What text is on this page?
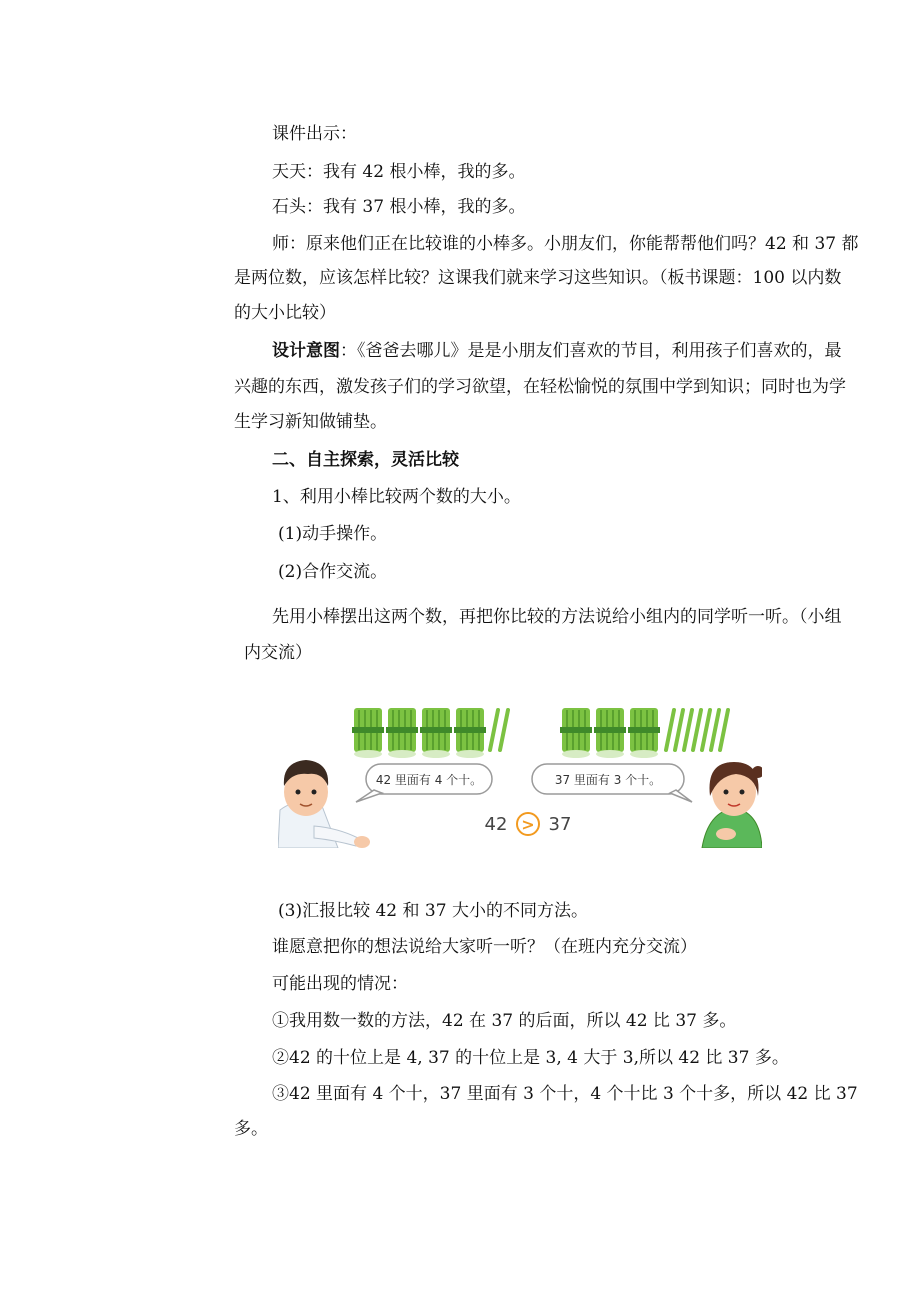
课件出示：
天天：我有 42 根小棒，我的多。
石头：我有 37 根小棒，我的多。
师：原来他们正在比较谁的小棒多。小朋友们，你能帮帮他们吗？42 和 37 都
是两位数，应该怎样比较？这课我们就来学习这些知识。（板书课题：100 以内数
的大小比较）
设计意图：《爸爸去哪儿》是是小朋友们喜欢的节目，利用孩子们喜欢的，最
兴趣的东西，激发孩子们的学习欲望，在轻松愉悦的氛围中学到知识；同时也为学
生学习新知做铺垫。
二、自主探索，灵活比较
1、利用小棒比较两个数的大小。
(1)动手操作。
(2)合作交流。
先用小棒摆出这两个数，再把你比较的方法说给小组内的同学听一听。（小组
内交流）
42 里面有 4 个十。	37 里面有 3 个十。
42 > 37
(3)汇报比较 42 和 37 大小的不同方法。
谁愿意把你的想法说给大家听一听？（在班内充分交流）
可能出现的情况：
①我用数一数的方法，42 在 37 的后面，所以 42 比 37 多。
②42 的十位上是 4, 37 的十位上是 3, 4 大于 3,所以 42 比 37 多。
③42 里面有 4 个十，37 里面有 3 个十，4 个十比 3 个十多，所以 42 比 37
多。
